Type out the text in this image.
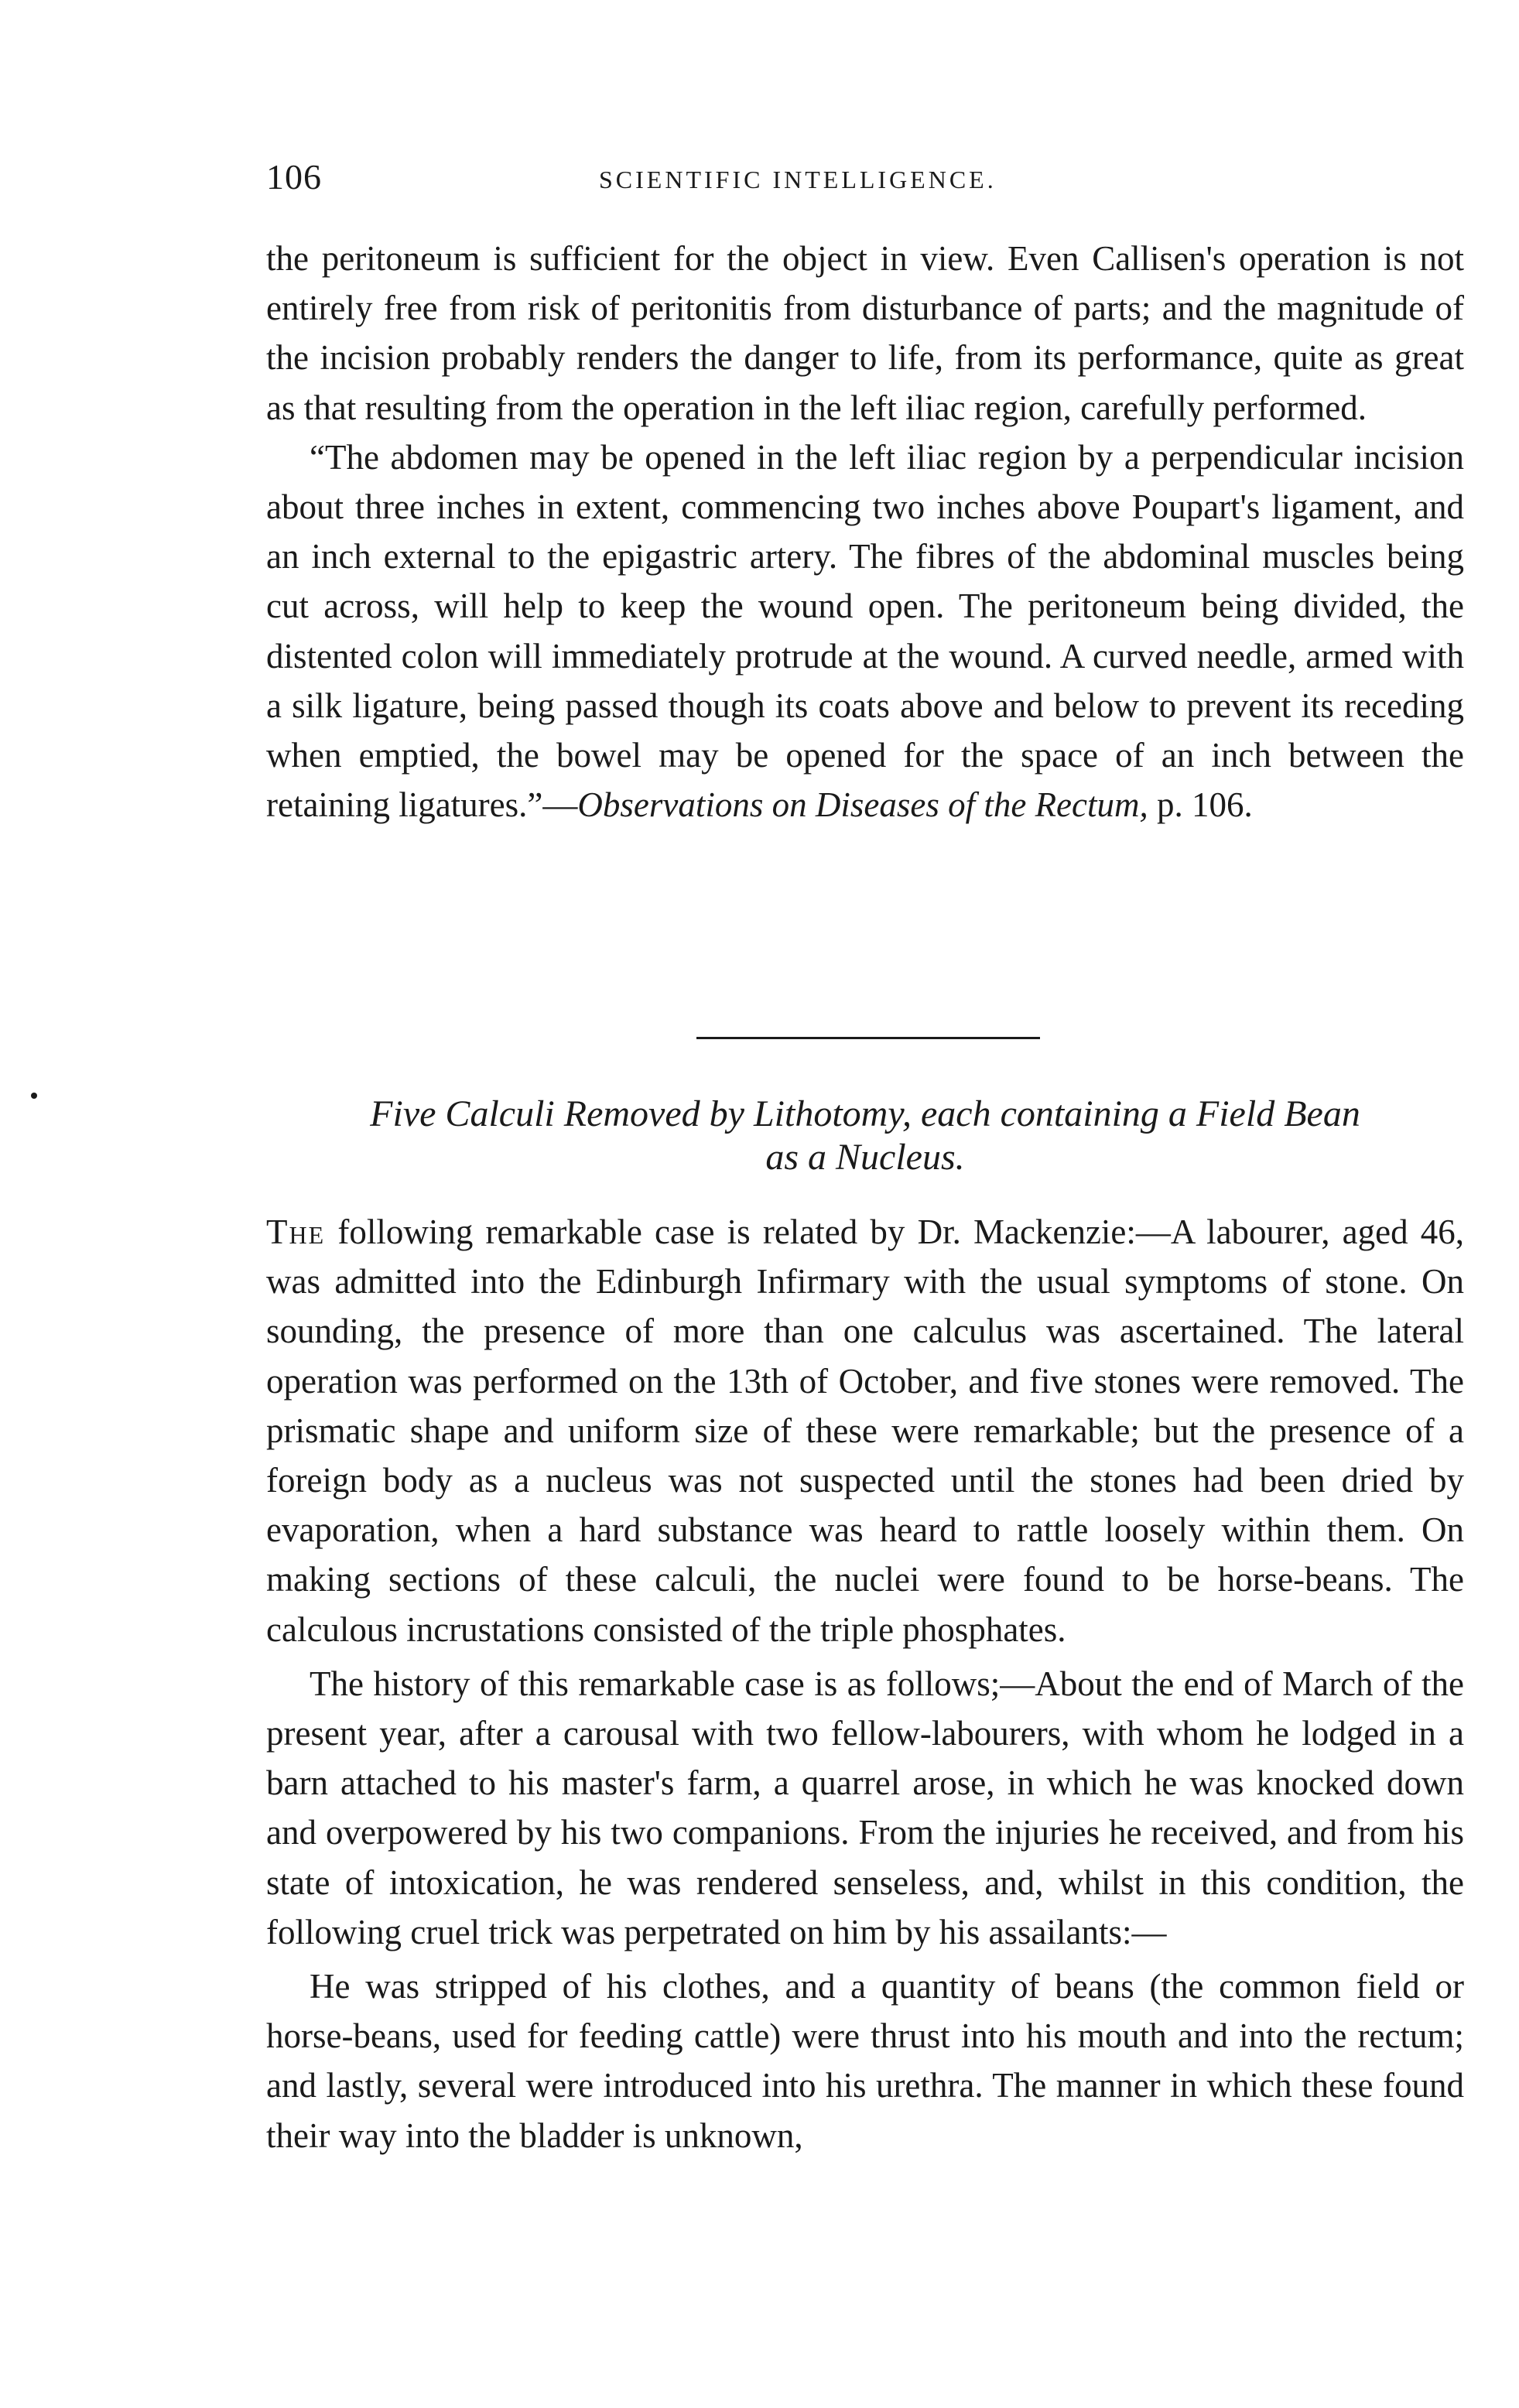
106	SCIENTIFIC INTELLIGENCE.

the peritoneum is sufficient for the object in view. Even Callisen's operation is not entirely free from risk of peritonitis from disturbance of parts; and the magnitude of the incision probably renders the danger to life, from its performance, quite as great as that resulting from the operation in the left iliac region, carefully performed.

“The abdomen may be opened in the left iliac region by a perpendicular incision about three inches in extent, commencing two inches above Poupart's ligament, and an inch external to the epigastric artery. The fibres of the abdominal muscles being cut across, will help to keep the wound open. The peritoneum being divided, the distented colon will immediately protrude at the wound. A curved needle, armed with a silk ligature, being passed though its coats above and below to prevent its receding when emptied, the bowel may be opened for the space of an inch between the retaining ligatures.”—Observations on Diseases of the Rectum, p. 106.

Five Calculi Removed by Lithotomy, each containing a Field Bean
as a Nucleus.

The following remarkable case is related by Dr. Mackenzie:—A labourer, aged 46, was admitted into the Edinburgh Infirmary with the usual symptoms of stone. On sounding, the presence of more than one calculus was ascertained. The lateral operation was performed on the 13th of October, and five stones were removed. The prismatic shape and uniform size of these were remarkable; but the presence of a foreign body as a nucleus was not suspected until the stones had been dried by evaporation, when a hard substance was heard to rattle loosely within them. On making sections of these calculi, the nuclei were found to be horse-beans. The calculous incrustations consisted of the triple phosphates.

The history of this remarkable case is as follows;—About the end of March of the present year, after a carousal with two fellow-labourers, with whom he lodged in a barn attached to his master's farm, a quarrel arose, in which he was knocked down and overpowered by his two companions. From the injuries he received, and from his state of intoxication, he was rendered senseless, and, whilst in this condition, the following cruel trick was perpetrated on him by his assailants:—

He was stripped of his clothes, and a quantity of beans (the common field or horse-beans, used for feeding cattle) were thrust into his mouth and into the rectum; and lastly, several were introduced into his urethra. The manner in which these found their way into the bladder is unknown,
